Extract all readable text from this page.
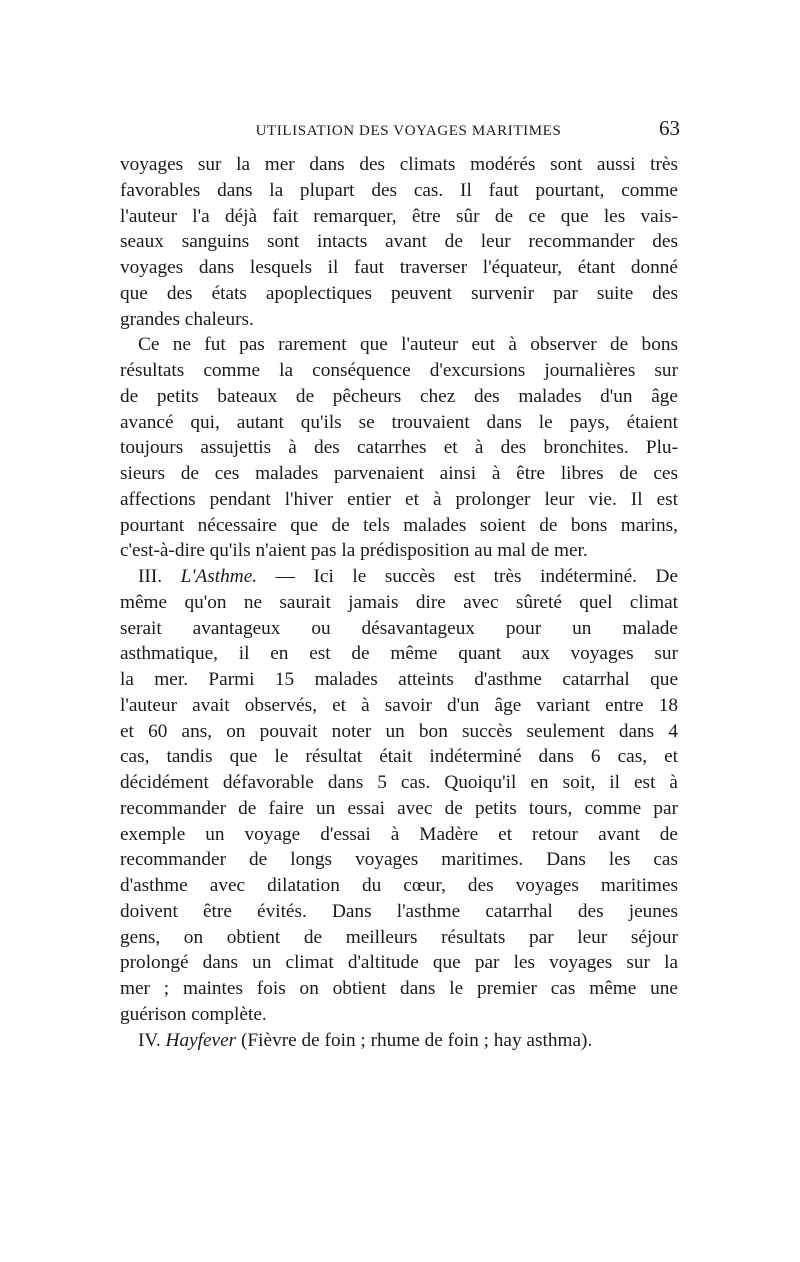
UTILISATION DES VOYAGES MARITIMES	63
voyages sur la mer dans des climats modérés sont aussi très
favorables dans la plupart des cas. Il faut pourtant, comme
l'auteur l'a déjà fait remarquer, être sûr de ce que les vais-
seaux sanguins sont intacts avant de leur recommander des
voyages dans lesquels il faut traverser l'équateur, étant donné
que des états apoplectiques peuvent survenir par suite des
grandes chaleurs.
Ce ne fut pas rarement que l'auteur eut à observer de bons
résultats comme la conséquence d'excursions journalières sur
de petits bateaux de pêcheurs chez des malades d'un âge
avancé qui, autant qu'ils se trouvaient dans le pays, étaient
toujours assujettis à des catarrhes et à des bronchites. Plu-
sieurs de ces malades parvenaient ainsi à être libres de ces
affections pendant l'hiver entier et à prolonger leur vie. Il est
pourtant nécessaire que de tels malades soient de bons marins,
c'est-à-dire qu'ils n'aient pas la prédisposition au mal de mer.
III. L'Asthme. — Ici le succès est très indéterminé. De
même qu'on ne saurait jamais dire avec sûreté quel climat
serait avantageux ou désavantageux pour un malade
asthmatique, il en est de même quant aux voyages sur
la mer. Parmi 15 malades atteints d'asthme catarrhal que
l'auteur avait observés, et à savoir d'un âge variant entre 18
et 60 ans, on pouvait noter un bon succès seulement dans 4
cas, tandis que le résultat était indéterminé dans 6 cas, et
décidément défavorable dans 5 cas. Quoiqu'il en soit, il est à
recommander de faire un essai avec de petits tours, comme par
exemple un voyage d'essai à Madère et retour avant de
recommander de longs voyages maritimes. Dans les cas
d'asthme avec dilatation du cœur, des voyages maritimes
doivent être évités. Dans l'asthme catarrhal des jeunes
gens, on obtient de meilleurs résultats par leur séjour
prolongé dans un climat d'altitude que par les voyages sur la
mer ; maintes fois on obtient dans le premier cas même une
guérison complète.
IV. Hayfever (Fièvre de foin ; rhume de foin ; hay asthma).
